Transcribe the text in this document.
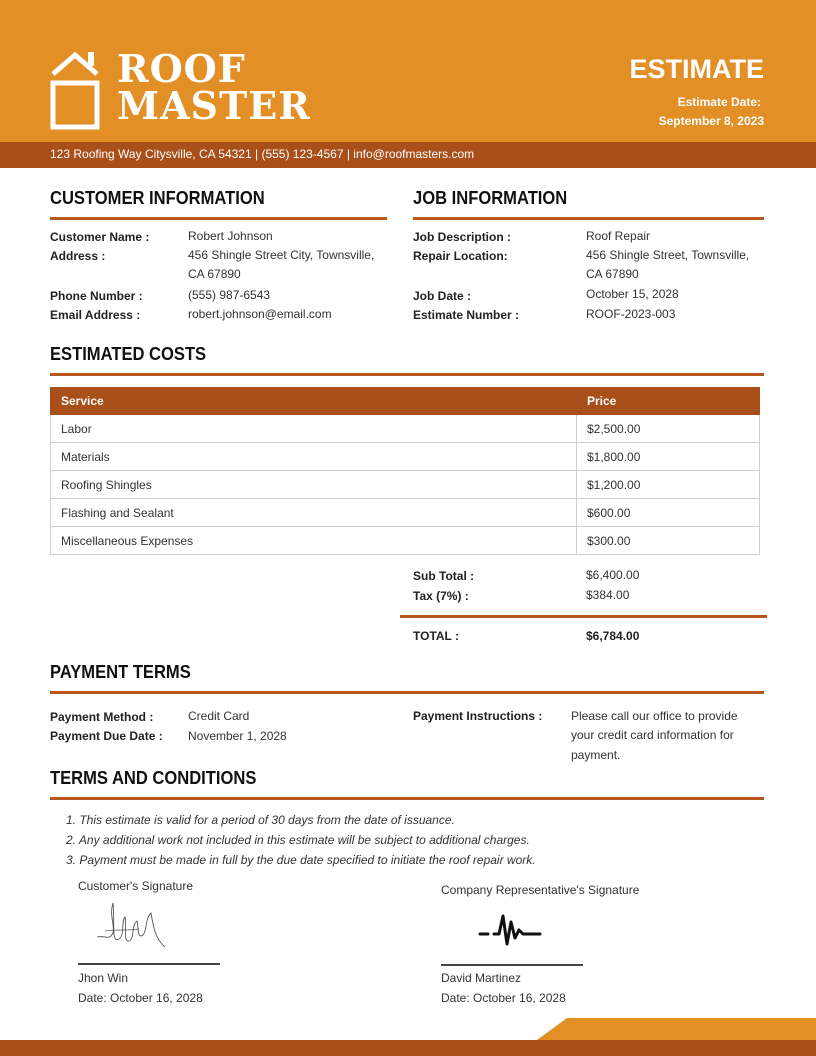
ROOF
MASTER
ESTIMATE
Estimate Date:
September 8, 2023
123 Roofing Way Citysville, CA 54321 | (555) 123-4567 | info@roofmasters.com
CUSTOMER INFORMATION
Customer Name :	Robert Johnson
Address :	456 Shingle Street City, Townsville,
CA 67890
Phone Number :	(555) 987-6543
Email Address :	robert.johnson@email.com
JOB INFORMATION
Job Description :	Roof Repair
Repair Location:	456 Shingle Street, Townsville,
CA 67890
Job Date :	October 15, 2028
Estimate Number :	ROOF-2023-003
ESTIMATED COSTS
Service	Price
Labor	$2,500.00
Materials	$1,800.00
Roofing Shingles	$1,200.00
Flashing and Sealant	$600.00
Miscellaneous Expenses	$300.00
Sub Total :	$6,400.00
Tax (7%) :	$384.00
TOTAL :	$6,784.00
PAYMENT TERMS
Payment Method :	Credit Card
Payment Due Date : November 1, 2028
Payment Instructions : Please call our office to provide
your credit card information for
payment.
TERMS AND CONDITIONS
1. This estimate is valid for a period of 30 days from the date of issuance.
2. Any additional work not included in this estimate will be subject to additional charges.
3. Payment must be made in full by the due date specified to initiate the roof repair work.
Customer's Signature
Jhon Win
Date: October 16, 2028
Company Representative's Signature
David Martinez
Date: October 16, 2028
